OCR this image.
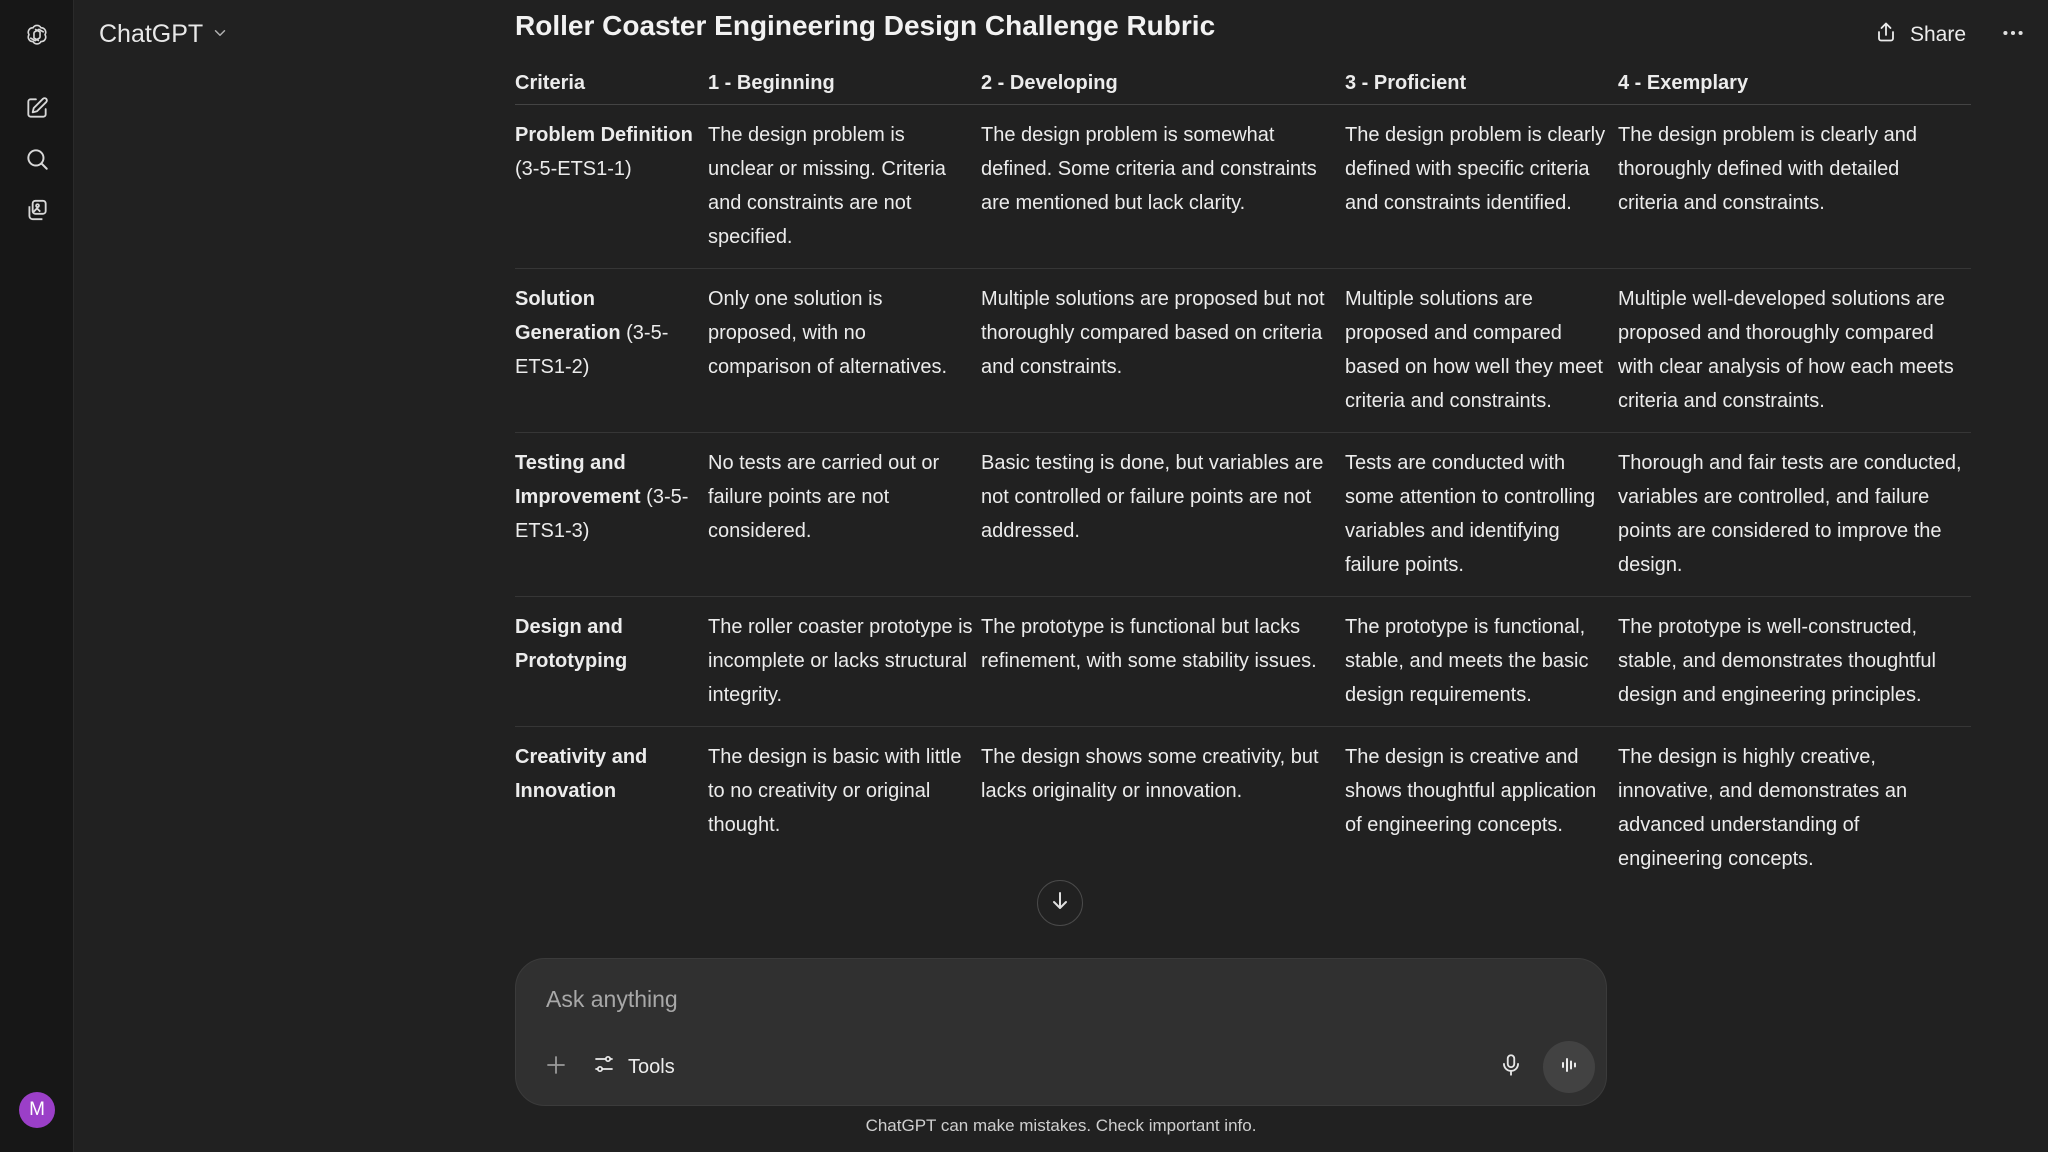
M
ChatGPT	Share
Roller Coaster Engineering Design Challenge Rubric
Criteria	1 - Beginning	2 - Developing	3 - Proficient	4 - Exemplary
Problem Definition (3-5-ETS1-1)	The design problem is unclear or missing. Criteria and constraints are not specified.	The design problem is somewhat defined. Some criteria and constraints are mentioned but lack clarity.	The design problem is clearly defined with specific criteria and constraints identified.	The design problem is clearly and thoroughly defined with detailed criteria and constraints.
Solution Generation (3-5-ETS1-2)	Only one solution is proposed, with no comparison of alternatives.	Multiple solutions are proposed but not thoroughly compared based on criteria and constraints.	Multiple solutions are proposed and compared based on how well they meet criteria and constraints.	Multiple well-developed solutions are proposed and thoroughly compared with clear analysis of how each meets criteria and constraints.
Testing and Improvement (3-5-ETS1-3)	No tests are carried out or failure points are not considered.	Basic testing is done, but variables are not controlled or failure points are not addressed.	Tests are conducted with some attention to controlling variables and identifying failure points.	Thorough and fair tests are conducted, variables are controlled, and failure points are considered to improve the design.
Design and Prototyping	The roller coaster prototype is incomplete or lacks structural integrity.	The prototype is functional but lacks refinement, with some stability issues.	The prototype is functional, stable, and meets the basic design requirements.	The prototype is well-constructed, stable, and demonstrates thoughtful design and engineering principles.
Creativity and Innovation	The design is basic with little to no creativity or original thought.	The design shows some creativity, but lacks originality or innovation.	The design is creative and shows thoughtful application of engineering concepts.	The design is highly creative, innovative, and demonstrates an advanced understanding of engineering concepts.
Ask anything
Tools
ChatGPT can make mistakes. Check important info.
